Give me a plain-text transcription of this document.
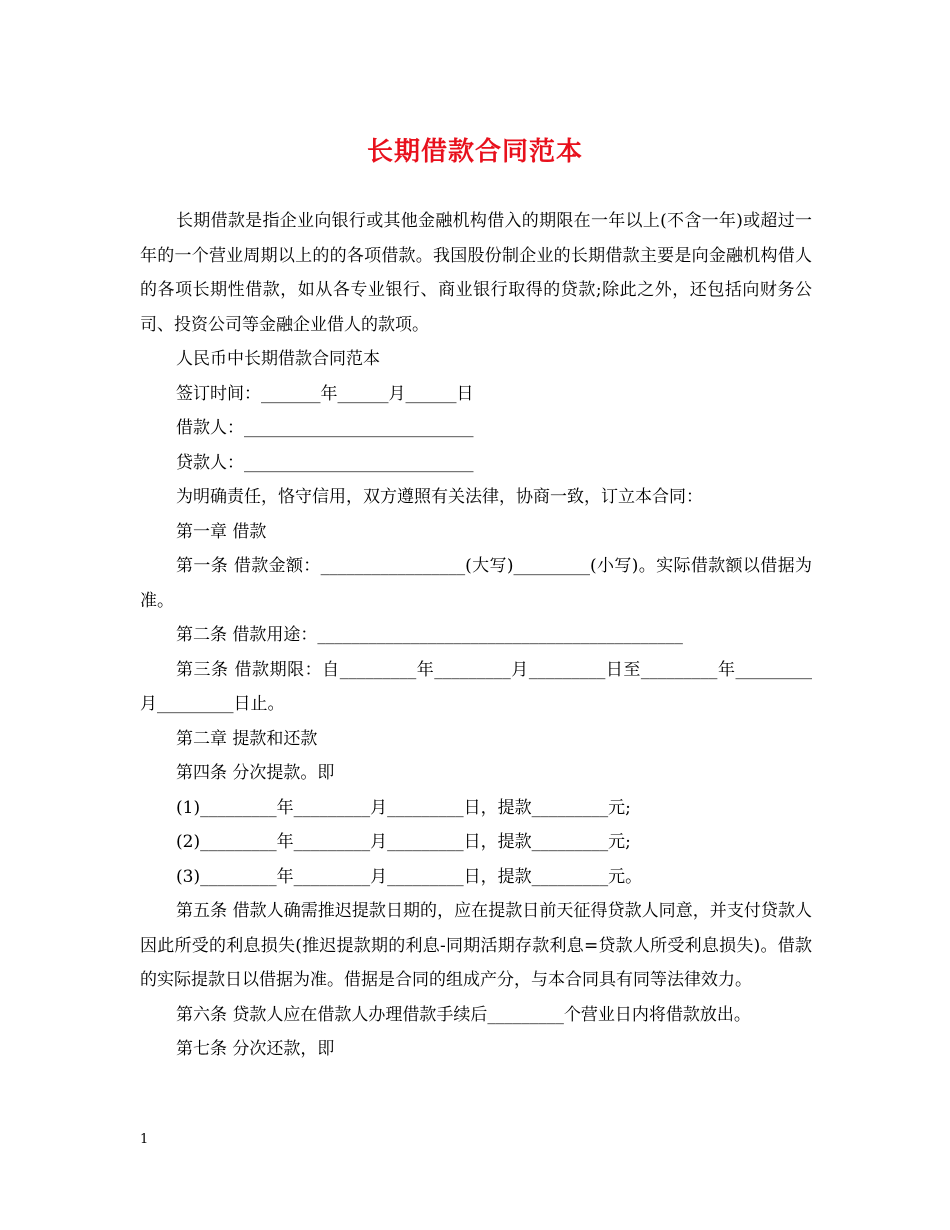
长期借款合同范本

长期借款是指企业向银行或其他金融机构借入的期限在一年以上(不含一年)或超过一年的一个营业周期以上的的各项借款。我国股份制企业的长期借款主要是向金融机构借人的各项长期性借款，如从各专业银行、商业银行取得的贷款;除此之外，还包括向财务公司、投资公司等金融企业借人的款项。

人民币中长期借款合同范本

签订时间：_______年______月______日

借款人：___________________________

贷款人：___________________________

为明确责任，恪守信用，双方遵照有关法律，协商一致，订立本合同：

第一章 借款

第一条 借款金额：_________________(大写)_________(小写)。实际借款额以借据为准。

第二条 借款用途：___________________________________________

第三条 借款期限：自_________年_________月_________日至_________年_________月_________日止。

第二章 提款和还款

第四条 分次提款。即

(1)_________年_________月_________日，提款_________元;

(2)_________年_________月_________日，提款_________元;

(3)_________年_________月_________日，提款_________元。

第五条 借款人确需推迟提款日期的，应在提款日前天征得贷款人同意，并支付贷款人因此所受的利息损失(推迟提款期的利息-同期活期存款利息=贷款人所受利息损失)。借款的实际提款日以借据为准。借据是合同的组成产分，与本合同具有同等法律效力。

第六条 贷款人应在借款人办理借款手续后_________个营业日内将借款放出。

第七条 分次还款，即

1
